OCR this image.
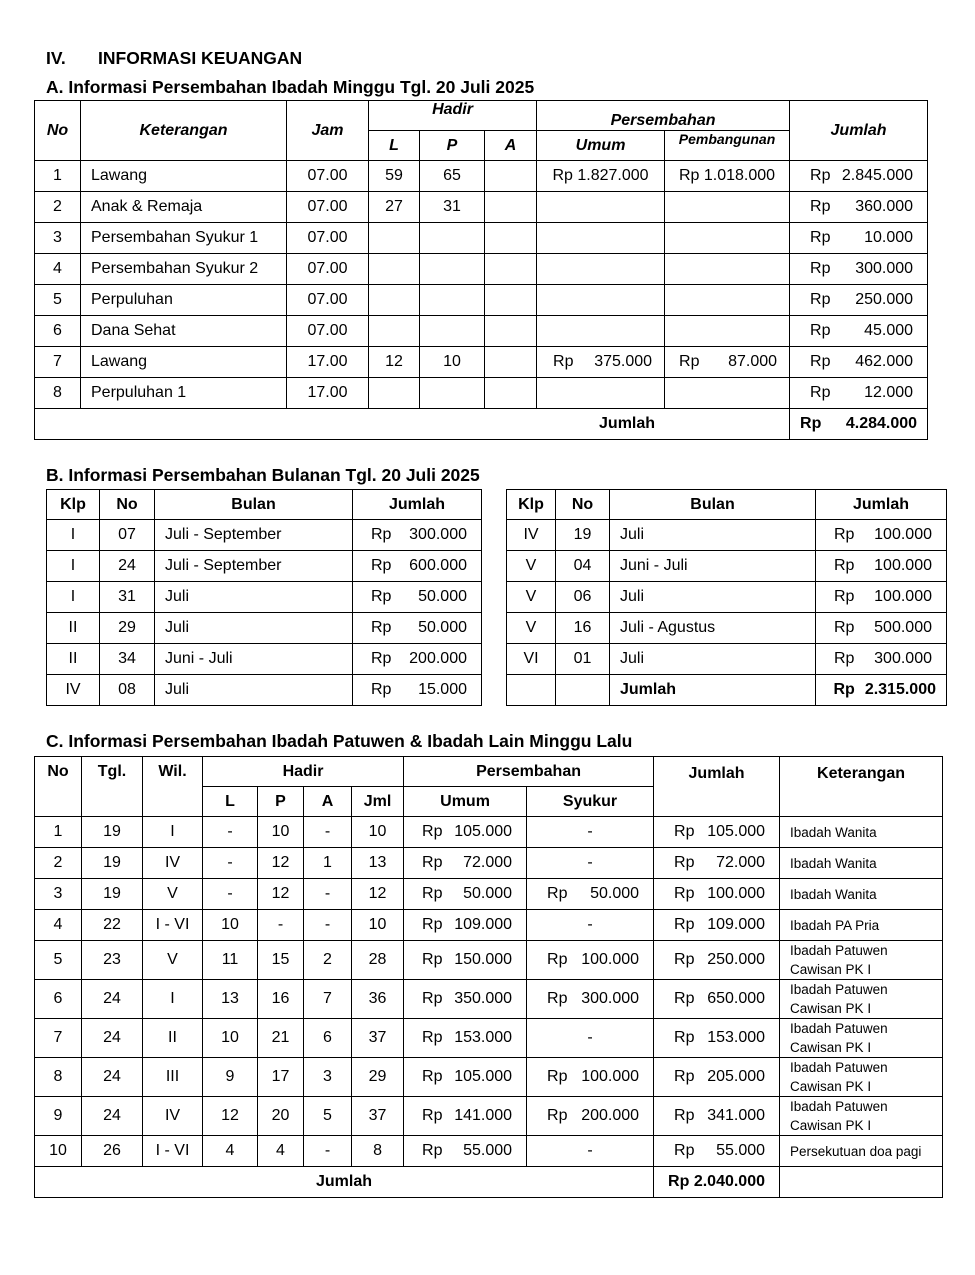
IV. INFORMASI KEUANGAN
A. Informasi Persembahan Ibadah Minggu Tgl. 20 Juli 2025
No	Keterangan	Jam	Hadir			Persembahan		Jumlah
			L	P	A	Umum	Pembangunan	
1	Lawang	07.00	59	65		Rp 1.827.000	Rp 1.018.000	Rp 2.845.000

2	Anak & Remaja	07.00	27	31				Rp 360.000

3	Persembahan Syukur 1	07.00						Rp 10.000

4	Persembahan Syukur 2	07.00						Rp 300.000

5	Perpuluhan	07.00						Rp 250.000

6	Dana Sehat	07.00						Rp 45.000

7	Lawang	17.00	12	10		Rp 375.000	Rp 87.000	Rp 462.000

8	Perpuluhan 1	17.00						Rp 12.000

Jumlah								Rp 4.284.000
B. Informasi Persembahan Bulanan Tgl. 20 Juli 2025
Klp	No	Bulan	Jumlah
I	07	Juli - September	Rp 300.000

I	24	Juli - September	Rp 600.000

I	31	Juli	Rp 50.000

II	29	Juli	Rp 50.000

II	34	Juni - Juli	Rp 200.000

IV	08	Juli	Rp 15.000
Klp	No	Bulan	Jumlah
IV	19	Juli	Rp 100.000

V	04	Juni - Juli	Rp 100.000

V	06	Juli	Rp 100.000

V	16	Juli - Agustus	Rp 500.000

VI	01	Juli	Rp 300.000

		Jumlah	Rp 2.315.000
C. Informasi Persembahan Ibadah Patuwen & Ibadah Lain Minggu Lalu
No	Tgl.	Wil.	Hadir				Persembahan		Jumlah	Keterangan
			L	P	A	Jml	Umum	Syukur		
1	19	I	-	10	-	10	Rp 105.000	-	Rp 105.000	Ibadah Wanita
2	19	IV	-	12	1	13	Rp 72.000	-	Rp 72.000	Ibadah Wanita
3	19	V	-	12	-	12	Rp 50.000	Rp 50.000	Rp 100.000	Ibadah Wanita
4	22	I - VI	10	-	-	10	Rp 109.000	-	Rp 109.000	Ibadah PA Pria
5	23	V	11	15	2	28	Rp 150.000	Rp 100.000	Rp 250.000	Ibadah Patuwen Cawisan PK I
6	24	I	13	16	7	36	Rp 350.000	Rp 300.000	Rp 650.000	Ibadah Patuwen Cawisan PK I
7	24	II	10	21	6	37	Rp 153.000	-	Rp 153.000	Ibadah Patuwen Cawisan PK I
8	24	III	9	17	3	29	Rp 105.000	Rp 100.000	Rp 205.000	Ibadah Patuwen Cawisan PK I
9	24	IV	12	20	5	37	Rp 141.000	Rp 200.000	Rp 341.000	Ibadah Patuwen Cawisan PK I
10	26	I - VI	4	4	-	8	Rp 55.000	-	Rp 55.000	Persekutuan doa pagi
Jumlah									Rp 2.040.000	
